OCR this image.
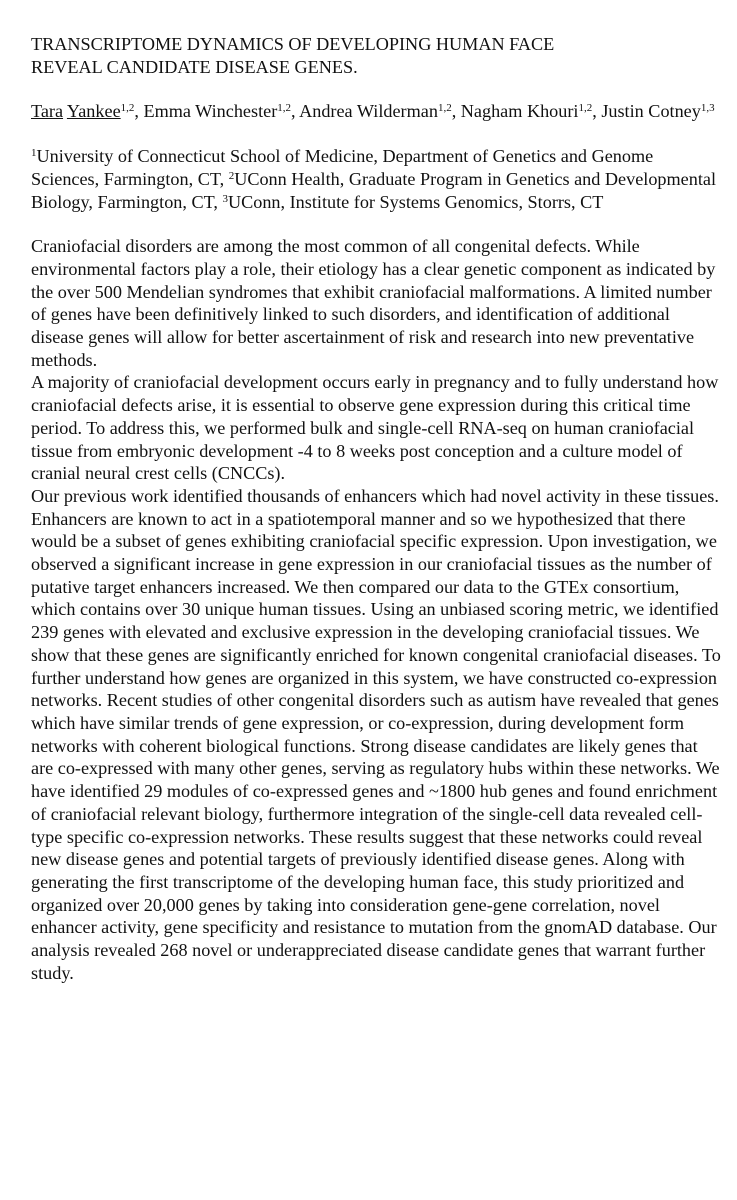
TRANSCRIPTOME DYNAMICS OF DEVELOPING HUMAN FACE
REVEAL CANDIDATE DISEASE GENES.
Tara Yankee$^{1,2}$, Emma Winchester$^{1,2}$, Andrea Wilderman$^{1,2}$, Nagham Khouri$^{1,2}$, Justin Cotney$^{1,3}$
$^1$University of Connecticut School of Medicine, Department of Genetics and Genome Sciences, Farmington, CT, $^2$UConn Health, Graduate Program in Genetics and Developmental Biology, Farmington, CT, $^3$UConn, Institute for Systems Genomics, Storrs, CT

Craniofacial disorders are among the most common of all congenital defects. While environmental factors play a role, their etiology has a clear genetic component as indicated by the over 500 Mendelian syndromes that exhibit craniofacial malformations. A limited number of genes have been definitively linked to such disorders, and identification of additional disease genes will allow for better ascertainment of risk and research into new preventative methods.

A majority of craniofacial development occurs early in pregnancy and to fully understand how craniofacial defects arise, it is essential to observe gene expression during this critical time period. To address this, we performed bulk and single-cell RNA-seq on human craniofacial tissue from embryonic development -4 to 8 weeks post conception and a culture model of cranial neural crest cells (CNCCs).

Our previous work identified thousands of enhancers which had novel activity in these tissues. Enhancers are known to act in a spatiotemporal manner and so we hypothesized that there would be a subset of genes exhibiting craniofacial specific expression. Upon investigation, we observed a significant increase in gene expression in our craniofacial tissues as the number of putative target enhancers increased. We then compared our data to the GTEx consortium, which contains over 30 unique human tissues. Using an unbiased scoring metric, we identified 239 genes with elevated and exclusive expression in the developing craniofacial tissues. We show that these genes are significantly enriched for known congenital craniofacial diseases. To further understand how genes are organized in this system, we have constructed co-expression networks. Recent studies of other congenital disorders such as autism have revealed that genes which have similar trends of gene expression, or co-expression, during development form networks with coherent biological functions. Strong disease candidates are likely genes that are co-expressed with many other genes, serving as regulatory hubs within these networks. We have identified 29 modules of co-expressed genes and ~1800 hub genes and found enrichment of craniofacial relevant biology, furthermore integration of the single-cell data revealed cell-type specific co-expression networks. These results suggest that these networks could reveal new disease genes and potential targets of previously identified disease genes. Along with generating the first transcriptome of the developing human face, this study prioritized and organized over 20,000 genes by taking into consideration gene-gene correlation, novel enhancer activity, gene specificity and resistance to mutation from the gnomAD database. Our analysis revealed 268 novel or underappreciated disease candidate genes that warrant further study.
